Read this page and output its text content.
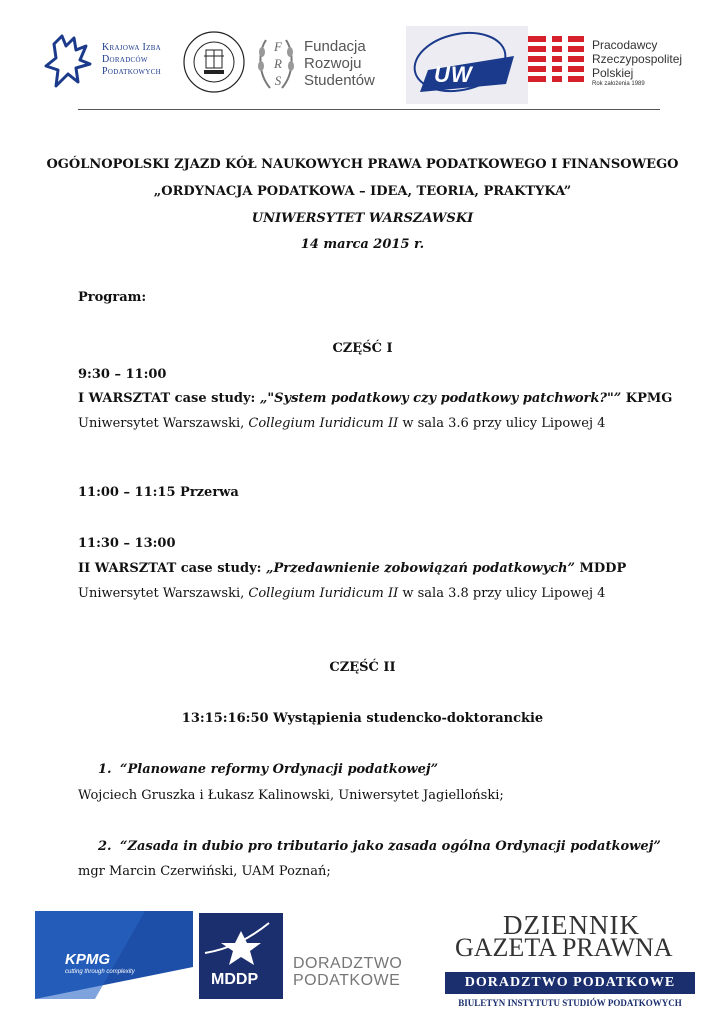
Krajowa Izba
Doradców
Podatkowych
F
R
S
Fundacja
Rozwoju
Studentów	UW
Pracodawcy
Rzeczypospolitej
Polskiej
Rok założenia 1989
OGÓLNOPOLSKI ZJAZD KÓŁ NAUKOWYCH PRAWA PODATKOWEGO I FINANSOWEGO
„ORDYNACJA PODATKOWA – IDEA, TEORIA, PRAKTYKA”
UNIWERSYTET WARSZAWSKI
14 marca 2015 r.
Program:
CZĘŚĆ I
9:30 – 11:00
I WARSZTAT case study: „"System podatkowy czy podatkowy patchwork?"” KPMG
Uniwersytet Warszawski, Collegium Iuridicum II w sala 3.6 przy ulicy Lipowej 4
11:00 – 11:15 Przerwa
11:30 – 13:00
II WARSZTAT case study: „Przedawnienie zobowiązań podatkowych” MDDP
Uniwersytet Warszawski, Collegium Iuridicum II w sala 3.8 przy ulicy Lipowej 4
CZĘŚĆ II
13:15:16:50 Wystąpienia studencko-doktoranckie
1. “Planowane reformy Ordynacji podatkowej”
Wojciech Gruszka i Łukasz Kalinowski, Uniwersytet Jagielloński;
2. “Zasada in dubio pro tributario jako zasada ogólna Ordynacji podatkowej”
mgr Marcin Czerwiński, UAM Poznań;
KPMG
cutting through complexity	MDDP
DORADZTWO
PODATKOWE
DZIENNIK
GAZETA PRAWNA
DORADZTWO PODATKOWE
BIULETYN INSTYTUTU STUDIÓW PODATKOWYCH
